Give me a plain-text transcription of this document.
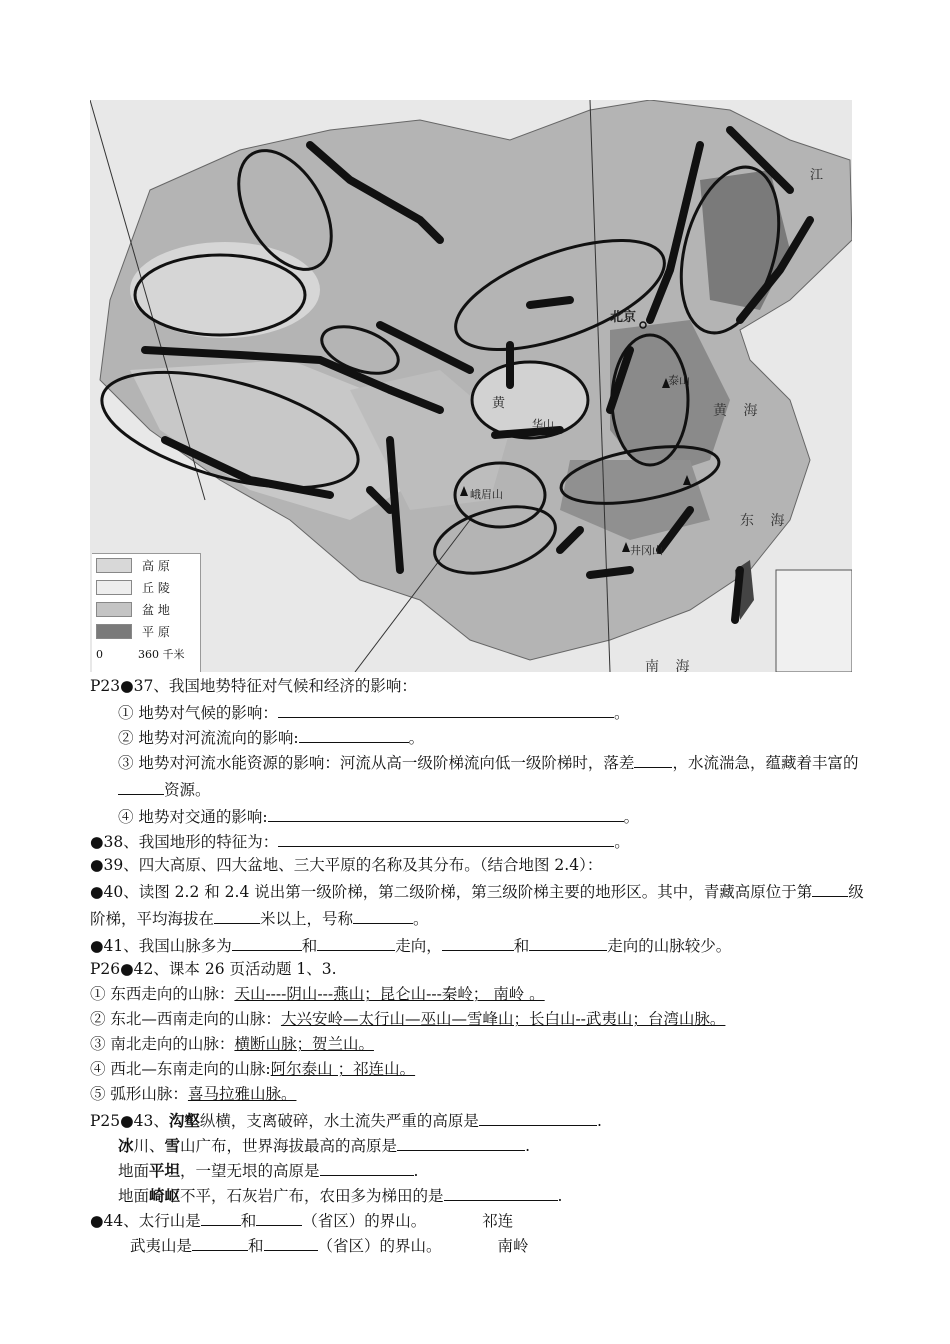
北京
泰山
华山
峨眉山
井冈山
黄 海
东 海
南 海
黄
江
高 原
丘 陵
盆 地
平 原
0	360 千米
P23●37、我国地势特征对气候和经济的影响：
① 地势对气候的影响：	。
② 地势对河流流向的影响:	。
③ 地势对河流水能资源的影响：河流从高一级阶梯流向低一级阶梯时，落差 ，水流湍急，蕴藏着丰富的资源。
④ 地势对交通的影响:	。
●38、我国地形的特征为：	。
●39、四大高原、四大盆地、三大平原的名称及其分布。（结合地图 2.4）：
●40、读图 2.2 和 2.4 说出第一级阶梯，第二级阶梯，第三级阶梯主要的地形区。其中，青藏高原位于第 级阶梯，平均海拔在	米以上，号称	。
●41、我国山脉多为	和	走向，	和	走向的山脉较少。
P26●42、课本 26 页活动题 1、3.
① 东西走向的山脉：天山----阴山---燕山；昆仑山---秦岭； 南岭 。
② 东北—西南走向的山脉：大兴安岭—太行山—巫山—雪峰山；长白山--武夷山；台湾山脉。
③ 南北走向的山脉：横断山脉；贺兰山。
④ 西北—东南走向的山脉:阿尔泰山 ；祁连山。
⑤ 弧形山脉：喜马拉雅山脉。
P25●43、沟壑纵横，支离破碎，水土流失严重的高原是	.
冰川、雪山广布，世界海拔最高的高原是	.
地面平坦，一望无垠的高原是	.
地面崎岖不平，石灰岩广布，农田多为梯田的是	.
●44、太行山是	和	（省区）的界山。	祁连
武夷山是	和	（省区）的界山。	南岭
